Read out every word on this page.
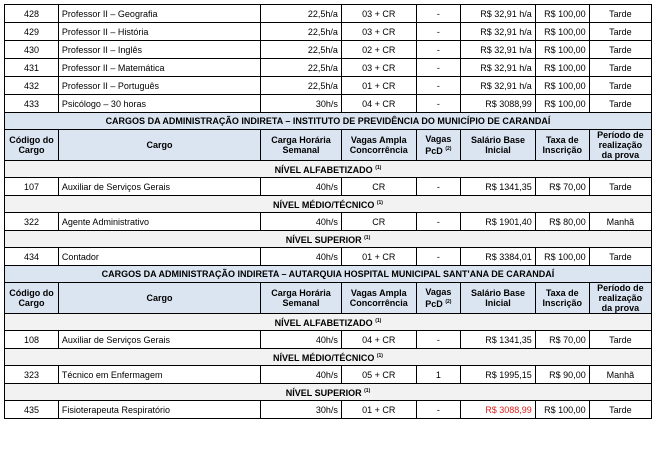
428	Professor II – Geografia	22,5h/a	03 + CR	-	R$ 32,91 h/a	R$ 100,00	Tarde
429	Professor II – História	22,5h/a	03 + CR	-	R$ 32,91 h/a	R$ 100,00	Tarde
430	Professor II – Inglês	22,5h/a	02 + CR	-	R$ 32,91 h/a	R$ 100,00	Tarde
431	Professor II – Matemática	22,5h/a	03 + CR	-	R$ 32,91 h/a	R$ 100,00	Tarde
432	Professor II – Português	22,5h/a	01 + CR	-	R$ 32,91 h/a	R$ 100,00	Tarde
433	Psicólogo – 30 horas	30h/s	04 + CR	-	R$ 3088,99	R$ 100,00	Tarde
CARGOS DA ADMINISTRAÇÃO INDIRETA – INSTITUTO DE PREVIDÊNCIA DO MUNICÍPIO DE CARANDAÍ							
Código do Cargo	Cargo	Carga Horária Semanal	Vagas Ampla Concorrência	Vagas PcD $^{(2)}$	Salário Base Inicial	Taxa de Inscrição	Período de realização da prova
NÍVEL ALFABETIZADO $^{(1)}$
107	Auxiliar de Serviços Gerais	40h/s	CR	-	R$ 1341,35	R$ 70,00	Tarde
NÍVEL MÉDIO/TÉCNICO $^{(1)}$
322	Agente Administrativo	40h/s	CR	-	R$ 1901,40	R$ 80,00	Manhã
NÍVEL SUPERIOR $^{(1)}$
434	Contador	40h/s	01 + CR	-	R$ 3384,01	R$ 100,00	Tarde
CARGOS DA ADMINISTRAÇÃO INDIRETA – AUTARQUIA HOSPITAL MUNICIPAL SANT'ANA DE CARANDAÍ							
Código do Cargo	Cargo	Carga Horária Semanal	Vagas Ampla Concorrência	Vagas PcD $^{(2)}$	Salário Base Inicial	Taxa de Inscrição	Período de realização da prova
NÍVEL ALFABETIZADO $^{(1)}$
108	Auxiliar de Serviços Gerais	40h/s	04 + CR	-	R$ 1341,35	R$ 70,00	Tarde
NÍVEL MÉDIO/TÉCNICO $^{(1)}$
323	Técnico em Enfermagem	40h/s	05 + CR	1	R$ 1995,15	R$ 90,00	Manhã
NÍVEL SUPERIOR $^{(1)}$
435	Fisioterapeuta Respiratório	30h/s	01 + CR	-	R$ 3088,99	R$ 100,00	Tarde
